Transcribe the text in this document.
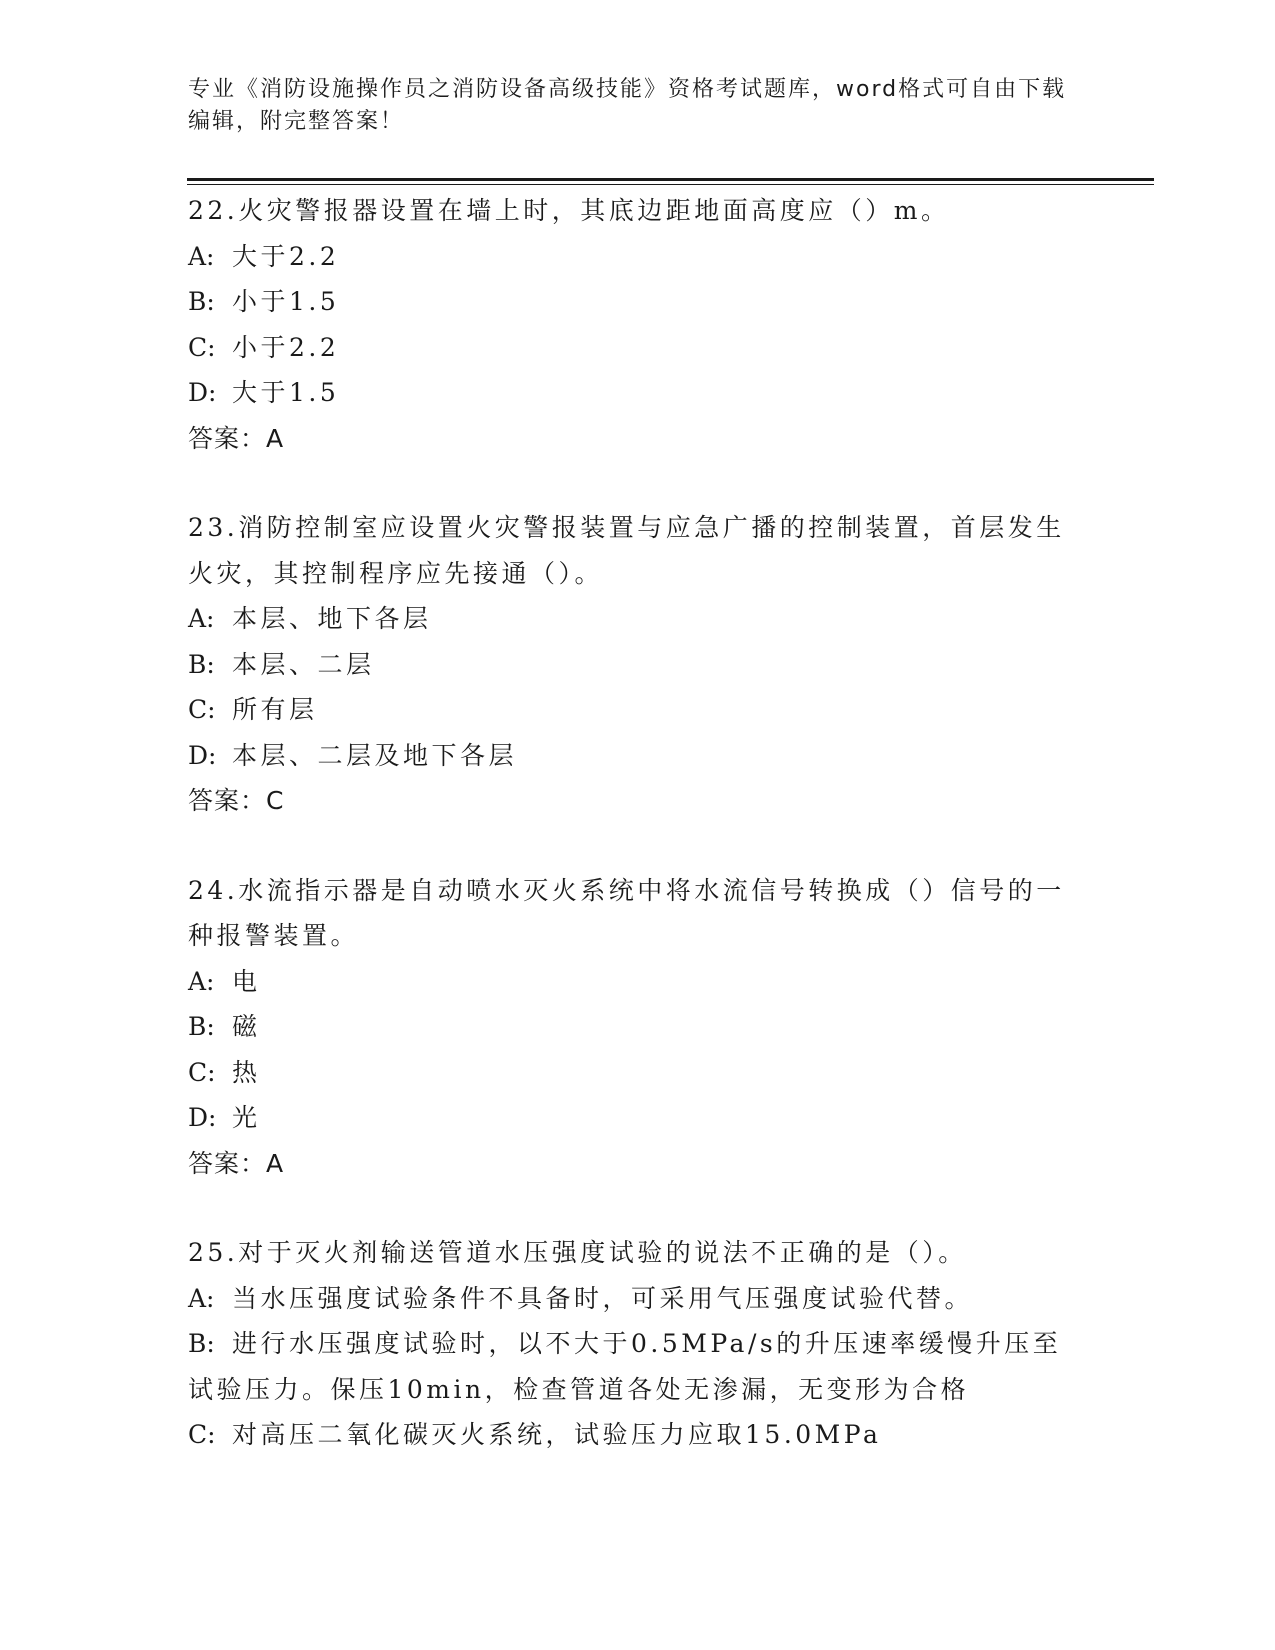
专业《消防设施操作员之消防设备高级技能》资格考试题库，word格式可自由下载编辑，附完整答案！

22.火灾警报器设置在墙上时，其底边距地面高度应（）m。

A: 大于2.2

B: 小于1.5

C: 小于2.2

D: 大于1.5

答案：A

23.消防控制室应设置火灾警报装置与应急广播的控制装置，首层发生火灾，其控制程序应先接通（）。

A: 本层、地下各层

B: 本层、二层

C: 所有层

D: 本层、二层及地下各层

答案：C

24.水流指示器是自动喷水灭火系统中将水流信号转换成（）信号的一种报警装置。

A: 电

B: 磁

C: 热

D: 光

答案：A

25.对于灭火剂输送管道水压强度试验的说法不正确的是（）。

A: 当水压强度试验条件不具备时，可采用气压强度试验代替。

B: 进行水压强度试验时，以不大于0.5MPa/s的升压速率缓慢升压至试验压力。保压10min，检查管道各处无渗漏，无变形为合格

C: 对高压二氧化碳灭火系统，试验压力应取15.0MPa
